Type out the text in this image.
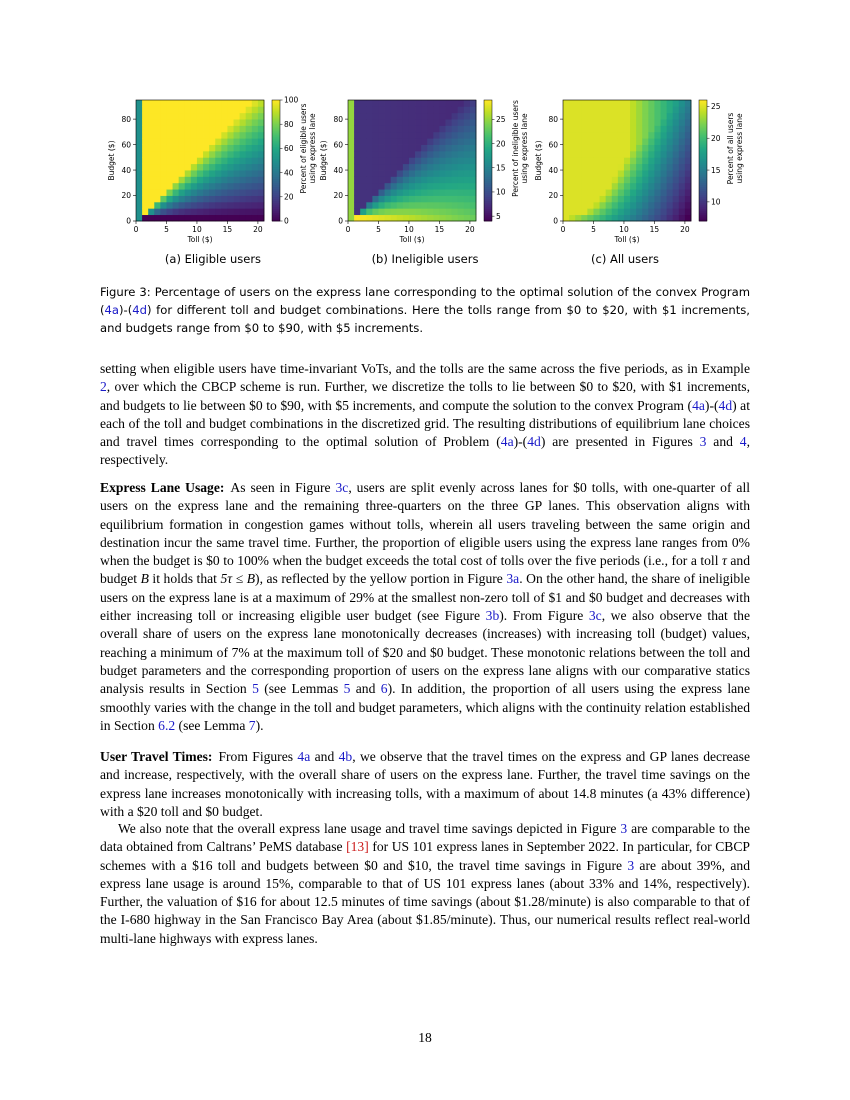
0	5	10	15	20
0
20
40
60
80
Toll ($)
Budget ($)
0
20
40
60
80
100
Percent of eligible usersusing express lane
0	5	10	15	20
0
20
40
60
80
Toll ($)
Budget ($)
5
10
15
20
25 Percent of ineligible usersusing express lane
0	5	10	15	20
0
20
40
60
80
Toll ($)
Budget ($)
10
15
20
25
Percent of all usersusing express lane
(a) Eligible users	(b) Ineligible users	(c) All users

Figure 3: Percentage of users on the express lane corresponding to the optimal solution of the convex Program (4a)-(4d) for different toll and budget combinations. Here the tolls range from $0 to $20, with $1 increments, and budgets range from $0 to $90, with $5 increments.

setting when eligible users have time-invariant VoTs, and the tolls are the same across the five periods, as in Example 2, over which the CBCP scheme is run. Further, we discretize the tolls to lie between $0 to $20, with $1 increments, and budgets to lie between $0 to $90, with $5 increments, and compute the solution to the convex Program (4a)-(4d) at each of the toll and budget combinations in the discretized grid. The resulting distributions of equilibrium lane choices and travel times corresponding to the optimal solution of Problem (4a)-(4d) are presented in Figures 3 and 4, respectively.

Express Lane Usage: As seen in Figure 3c, users are split evenly across lanes for $0 tolls, with one-quarter of all users on the express lane and the remaining three-quarters on the three GP lanes. This observation aligns with equilibrium formation in congestion games without tolls, wherein all users traveling between the same origin and destination incur the same travel time. Further, the proportion of eligible users using the express lane ranges from 0% when the budget is $0 to 100% when the budget exceeds the total cost of tolls over the five periods (i.e., for a toll τ and budget B it holds that 5τ ≤ B), as reflected by the yellow portion in Figure 3a. On the other hand, the share of ineligible users on the express lane is at a maximum of 29% at the smallest non-zero toll of $1 and $0 budget and decreases with either increasing toll or increasing eligible user budget (see Figure 3b). From Figure 3c, we also observe that the overall share of users on the express lane monotonically decreases (increases) with increasing toll (budget) values, reaching a minimum of 7% at the maximum toll of $20 and $0 budget. These monotonic relations between the toll and budget parameters and the corresponding proportion of users on the express lane aligns with our comparative statics analysis results in Section 5 (see Lemmas 5 and 6). In addition, the proportion of all users using the express lane smoothly varies with the change in the toll and budget parameters, which aligns with the continuity relation established in Section 6.2 (see Lemma 7).

User Travel Times: From Figures 4a and 4b, we observe that the travel times on the express and GP lanes decrease and increase, respectively, with the overall share of users on the express lane. Further, the travel time savings on the express lane increases monotonically with increasing tolls, with a maximum of about 14.8 minutes (a 43% difference) with a $20 toll and $0 budget.

We also note that the overall express lane usage and travel time savings depicted in Figure 3 are comparable to the data obtained from Caltrans’ PeMS database [13] for US 101 express lanes in September 2022. In particular, for CBCP schemes with a $16 toll and budgets between $0 and $10, the travel time savings in Figure 3 are about 39%, and express lane usage is around 15%, comparable to that of US 101 express lanes (about 33% and 14%, respectively). Further, the valuation of $16 for about 12.5 minutes of time savings (about $1.28/minute) is also comparable to that of the I-680 highway in the San Francisco Bay Area (about $1.85/minute). Thus, our numerical results reflect real-world multi-lane highways with express lanes.

18
